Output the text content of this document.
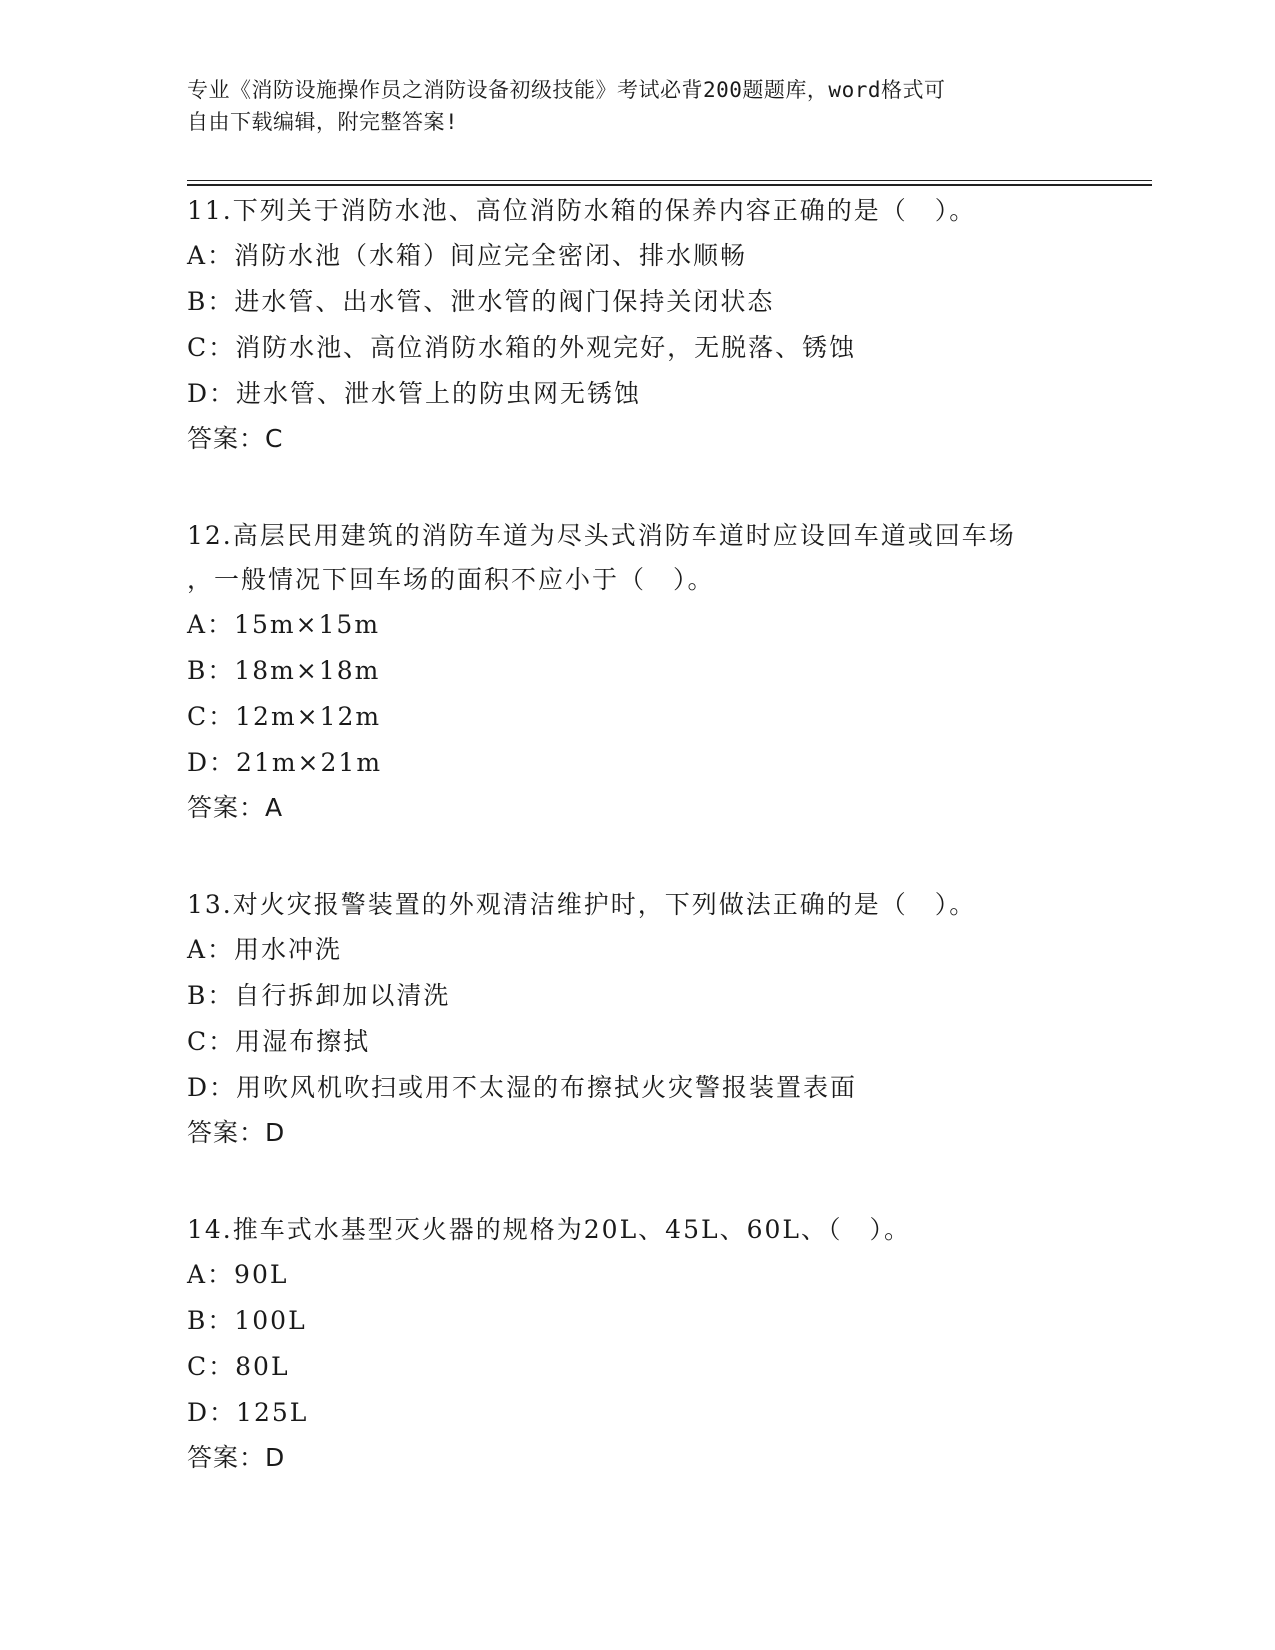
专业《消防设施操作员之消防设备初级技能》考试必背200题题库，word格式可
自由下载编辑，附完整答案!
11.下列关于消防水池、高位消防水箱的保养内容正确的是（　）。
A：消防水池（水箱）间应完全密闭、排水顺畅
B：进水管、出水管、泄水管的阀门保持关闭状态
C：消防水池、高位消防水箱的外观完好，无脱落、锈蚀
D：进水管、泄水管上的防虫网无锈蚀
答案：C
12.高层民用建筑的消防车道为尽头式消防车道时应设回车道或回车场
，一般情况下回车场的面积不应小于（　）。
A：15m×15m
B：18m×18m
C：12m×12m
D：21m×21m
答案：A
13.对火灾报警装置的外观清洁维护时，下列做法正确的是（　）。
A：用水冲洗
B：自行拆卸加以清洗
C：用湿布擦拭
D：用吹风机吹扫或用不太湿的布擦拭火灾警报装置表面
答案：D
14.推车式水基型灭火器的规格为20L、45L、60L、（　）。
A：90L
B：100L
C：80L
D：125L
答案：D
